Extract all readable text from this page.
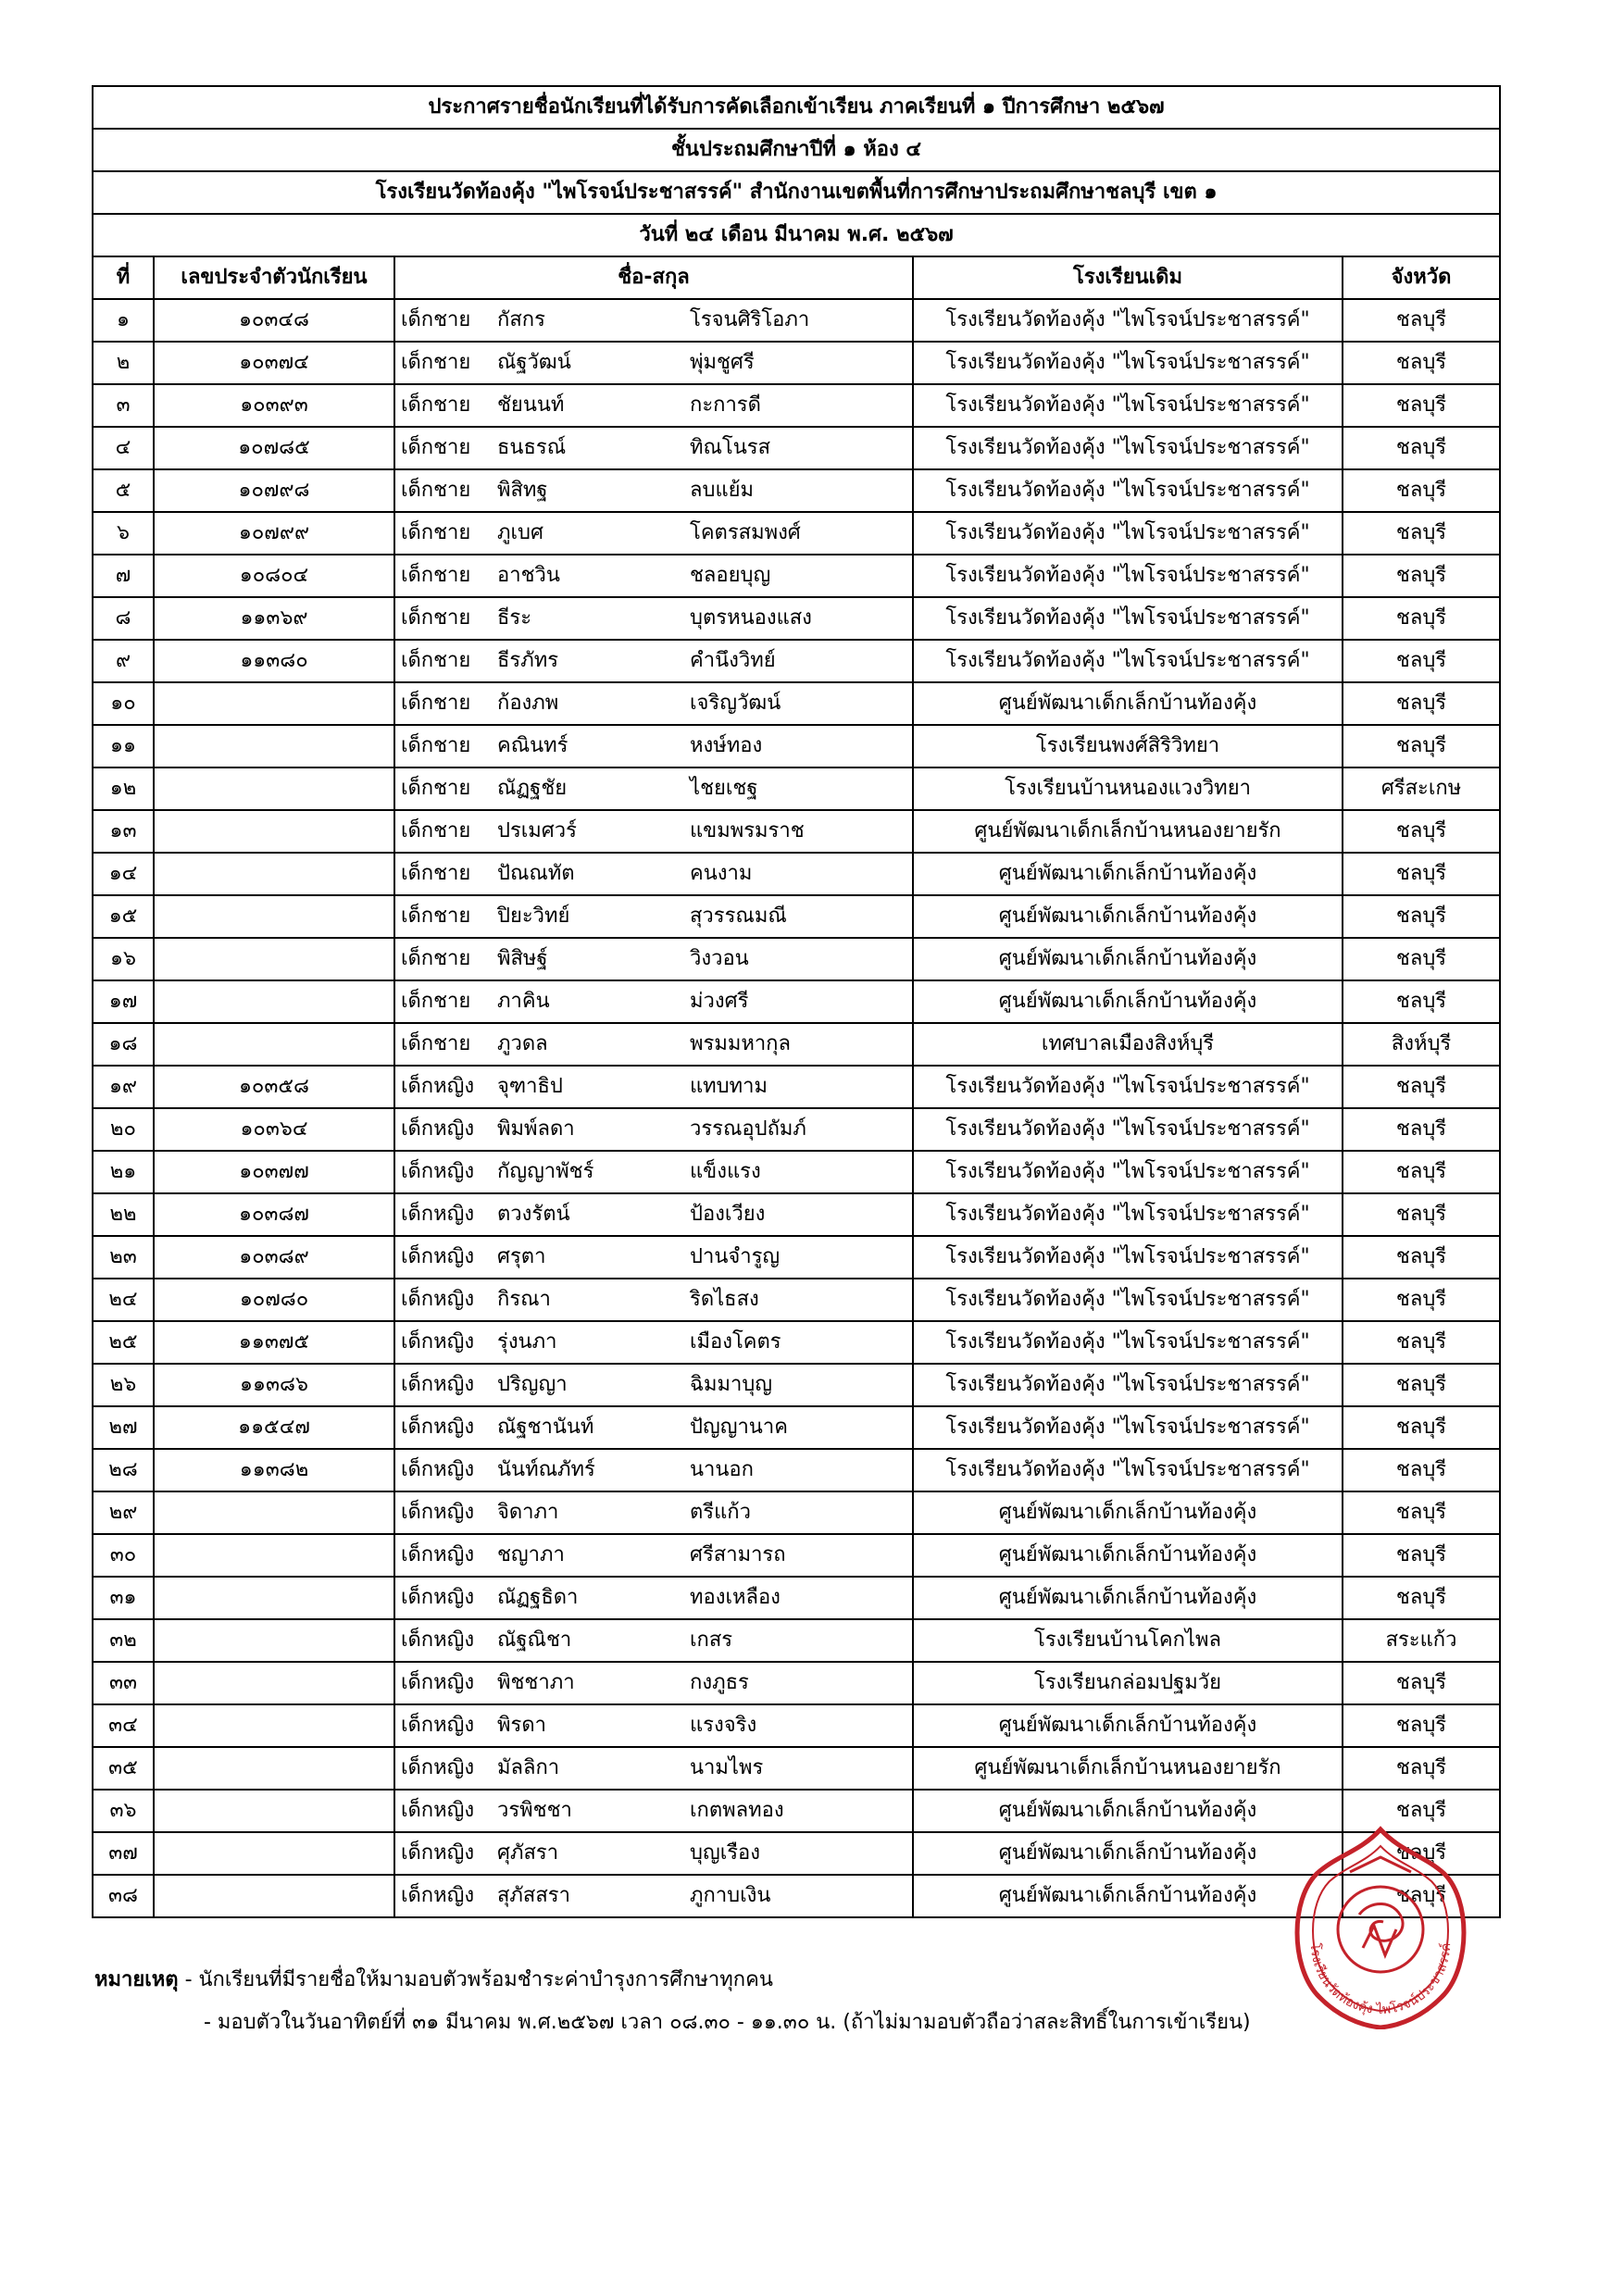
ประกาศรายชื่อนักเรียนที่ได้รับการคัดเลือกเข้าเรียน ภาคเรียนที่ ๑ ปีการศึกษา ๒๕๖๗				
ชั้นประถมศึกษาปีที่ ๑ ห้อง ๔				
โรงเรียนวัดท้องคุ้ง "ไพโรจน์ประชาสรรค์" สำนักงานเขตพื้นที่การศึกษาประถมศึกษาชลบุรี เขต ๑				
วันที่ ๒๔ เดือน มีนาคม พ.ศ. ๒๕๖๗				
ที่	เลขประจำตัวนักเรียน	ชื่อ-สกุล	โรงเรียนเดิม	จังหวัด
๑	๑๐๓๔๘	เด็กชาย กัสกร โรจนศิริโอภา	โรงเรียนวัดท้องคุ้ง "ไพโรจน์ประชาสรรค์"	ชลบุรี
๒	๑๐๓๗๔	เด็กชาย ณัฐวัฒน์ พุ่มชูศรี	โรงเรียนวัดท้องคุ้ง "ไพโรจน์ประชาสรรค์"	ชลบุรี
๓	๑๐๓๙๓	เด็กชาย ชัยนนท์ กะการดี	โรงเรียนวัดท้องคุ้ง "ไพโรจน์ประชาสรรค์"	ชลบุรี
๔	๑๐๗๘๕	เด็กชาย ธนธรณ์ ทิณโนรส	โรงเรียนวัดท้องคุ้ง "ไพโรจน์ประชาสรรค์"	ชลบุรี
๕	๑๐๗๙๘	เด็กชาย พิสิทฐ ลบแย้ม	โรงเรียนวัดท้องคุ้ง "ไพโรจน์ประชาสรรค์"	ชลบุรี
๖	๑๐๗๙๙	เด็กชาย ภูเบศ โคตรสมพงศ์	โรงเรียนวัดท้องคุ้ง "ไพโรจน์ประชาสรรค์"	ชลบุรี
๗	๑๐๘๐๔	เด็กชาย อาชวิน ชลอยบุญ	โรงเรียนวัดท้องคุ้ง "ไพโรจน์ประชาสรรค์"	ชลบุรี
๘	๑๑๓๖๙	เด็กชาย ธีระ บุตรหนองแสง	โรงเรียนวัดท้องคุ้ง "ไพโรจน์ประชาสรรค์"	ชลบุรี
๙	๑๑๓๘๐	เด็กชาย ธีรภัทร คำนึงวิทย์	โรงเรียนวัดท้องคุ้ง "ไพโรจน์ประชาสรรค์"	ชลบุรี
๑๐		เด็กชาย ก้องภพ เจริญวัฒน์	ศูนย์พัฒนาเด็กเล็กบ้านท้องคุ้ง	ชลบุรี
๑๑		เด็กชาย คณินทร์ หงษ์ทอง	โรงเรียนพงศ์สิริวิทยา	ชลบุรี
๑๒		เด็กชาย ณัฏฐชัย ไชยเชฐ	โรงเรียนบ้านหนองแวงวิทยา	ศรีสะเกษ
๑๓		เด็กชาย ปรเมศวร์ แขมพรมราช	ศูนย์พัฒนาเด็กเล็กบ้านหนองยายรัก	ชลบุรี
๑๔		เด็กชาย ปัณณทัต คนงาม	ศูนย์พัฒนาเด็กเล็กบ้านท้องคุ้ง	ชลบุรี
๑๕		เด็กชาย ปิยะวิทย์ สุวรรณมณี	ศูนย์พัฒนาเด็กเล็กบ้านท้องคุ้ง	ชลบุรี
๑๖		เด็กชาย พิสิษฐ์ วิงวอน	ศูนย์พัฒนาเด็กเล็กบ้านท้องคุ้ง	ชลบุรี
๑๗		เด็กชาย ภาคิน ม่วงศรี	ศูนย์พัฒนาเด็กเล็กบ้านท้องคุ้ง	ชลบุรี
๑๘		เด็กชาย ภูวดล พรมมหากุล	เทศบาลเมืองสิงห์บุรี	สิงห์บุรี
๑๙	๑๐๓๕๘	เด็กหญิง จุฑาธิป แทบทาม	โรงเรียนวัดท้องคุ้ง "ไพโรจน์ประชาสรรค์"	ชลบุรี
๒๐	๑๐๓๖๔	เด็กหญิง พิมพ์ลดา วรรณอุปถัมภ์	โรงเรียนวัดท้องคุ้ง "ไพโรจน์ประชาสรรค์"	ชลบุรี
๒๑	๑๐๓๗๗	เด็กหญิง กัญญาพัชร์ แข็งแรง	โรงเรียนวัดท้องคุ้ง "ไพโรจน์ประชาสรรค์"	ชลบุรี
๒๒	๑๐๓๘๗	เด็กหญิง ตวงรัตน์ ป้องเวียง	โรงเรียนวัดท้องคุ้ง "ไพโรจน์ประชาสรรค์"	ชลบุรี
๒๓	๑๐๓๘๙	เด็กหญิง ศรุตา ปานจำรูญ	โรงเรียนวัดท้องคุ้ง "ไพโรจน์ประชาสรรค์"	ชลบุรี
๒๔	๑๐๗๘๐	เด็กหญิง กิรณา ริดไธสง	โรงเรียนวัดท้องคุ้ง "ไพโรจน์ประชาสรรค์"	ชลบุรี
๒๕	๑๑๓๗๕	เด็กหญิง รุ่งนภา เมืองโคตร	โรงเรียนวัดท้องคุ้ง "ไพโรจน์ประชาสรรค์"	ชลบุรี
๒๖	๑๑๓๘๖	เด็กหญิง ปริญญา ฉิมมาบุญ	โรงเรียนวัดท้องคุ้ง "ไพโรจน์ประชาสรรค์"	ชลบุรี
๒๗	๑๑๕๔๗	เด็กหญิง ณัฐชานันท์ ปัญญานาค	โรงเรียนวัดท้องคุ้ง "ไพโรจน์ประชาสรรค์"	ชลบุรี
๒๘	๑๑๓๘๒	เด็กหญิง นันท์ณภัทร์ นานอก	โรงเรียนวัดท้องคุ้ง "ไพโรจน์ประชาสรรค์"	ชลบุรี
๒๙		เด็กหญิง จิดาภา ตรีแก้ว	ศูนย์พัฒนาเด็กเล็กบ้านท้องคุ้ง	ชลบุรี
๓๐		เด็กหญิง ชญาภา ศรีสามารถ	ศูนย์พัฒนาเด็กเล็กบ้านท้องคุ้ง	ชลบุรี
๓๑		เด็กหญิง ณัฏฐธิดา ทองเหลือง	ศูนย์พัฒนาเด็กเล็กบ้านท้องคุ้ง	ชลบุรี
๓๒		เด็กหญิง ณัฐณิชา เกสร	โรงเรียนบ้านโคกไพล	สระแก้ว
๓๓		เด็กหญิง พิชชาภา กงภูธร	โรงเรียนกล่อมปฐมวัย	ชลบุรี
๓๔		เด็กหญิง พิรดา แรงจริง	ศูนย์พัฒนาเด็กเล็กบ้านท้องคุ้ง	ชลบุรี
๓๕		เด็กหญิง มัลลิกา นามไพร	ศูนย์พัฒนาเด็กเล็กบ้านหนองยายรัก	ชลบุรี
๓๖		เด็กหญิง วรพิชชา เกตพลทอง	ศูนย์พัฒนาเด็กเล็กบ้านท้องคุ้ง	ชลบุรี
๓๗		เด็กหญิง ศุภัสรา บุญเรือง	ศูนย์พัฒนาเด็กเล็กบ้านท้องคุ้ง	ชลบุรี
๓๘		เด็กหญิง สุภัสสรา ภูกาบเงิน	ศูนย์พัฒนาเด็กเล็กบ้านท้องคุ้ง	ชลบุรี
หมายเหตุ - นักเรียนที่มีรายชื่อให้มามอบตัวพร้อมชำระค่าบำรุงการศึกษาทุกคน
- มอบตัวในวันอาทิตย์ที่ ๓๑ มีนาคม พ.ศ.๒๕๖๗ เวลา ๐๘.๓๐ - ๑๑.๓๐ น. (ถ้าไม่มามอบตัวถือว่าสละสิทธิ์ในการเข้าเรียน)
โรงเรียนวัดท้องคุ้ง ไพโรจน์ประชาสรรค์
